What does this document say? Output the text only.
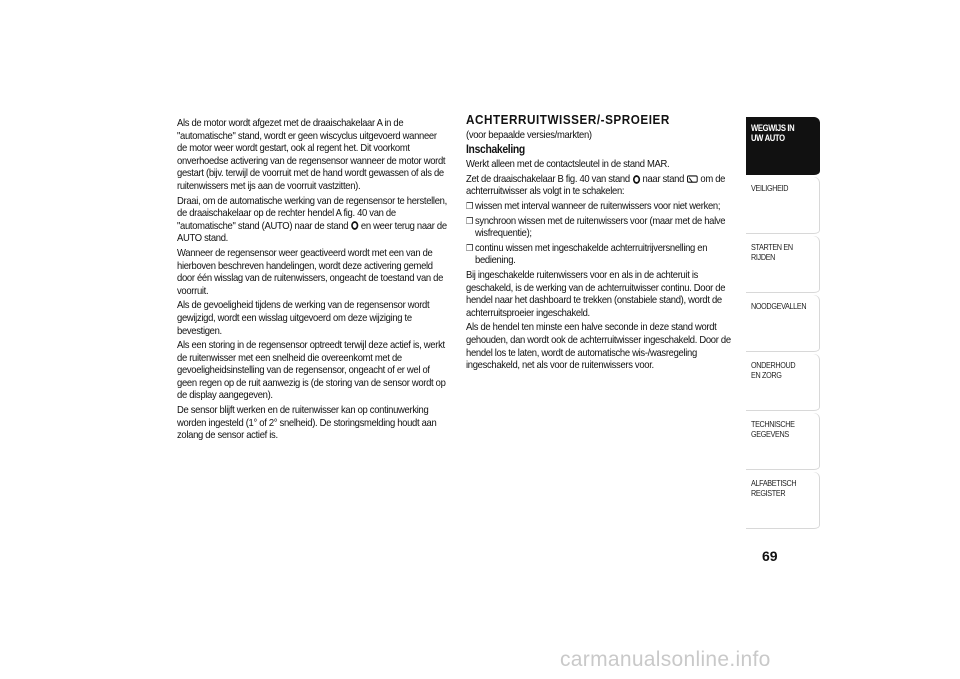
Als de motor wordt afgezet met de draaischakelaar A in de "automatische" stand, wordt er geen wiscyclus uitgevoerd wanneer de motor weer wordt gestart, ook al regent het. Dit voorkomt onverhoedse activering van de regensensor wanneer de motor wordt gestart (bijv. terwijl de voorruit met de hand wordt gewassen of als de ruitenwissers met ijs aan de voorruit vastzitten).

Draai, om de automatische werking van de regensensor te herstellen, de draaischakelaar op de rechter hendel A fig. 40 van de "automatische" stand (AUTO) naar de stand en weer terug naar de AUTO stand.

Wanneer de regensensor weer geactiveerd wordt met een van de hierboven beschreven handelingen, wordt deze activering gemeld door één wisslag van de ruitenwissers, ongeacht de toestand van de voorruit.

Als de gevoeligheid tijdens de werking van de regensensor wordt gewijzigd, wordt een wisslag uitgevoerd om deze wijziging te bevestigen.

Als een storing in de regensensor optreedt terwijl deze actief is, werkt de ruitenwisser met een snelheid die overeenkomt met de gevoeligheidsinstelling van de regensensor, ongeacht of er wel of geen regen op de ruit aanwezig is (de storing van de sensor wordt op de display aangegeven).

De sensor blijft werken en de ruitenwisser kan op continuwerking worden ingesteld (1° of 2° snelheid). De storingsmelding houdt aan zolang de sensor actief is.

ACHTERRUITWISSER/-SPROEIER

(voor bepaalde versies/markten)

Inschakeling

Werkt alleen met de contactsleutel in de stand MAR.

Zet de draaischakelaar B fig. 40 van stand naar stand om de achterruitwisser als volgt in te schakelen:

❒ wissen met interval wanneer de ruitenwissers voor niet werken;
❒ synchroon wissen met de ruitenwissers voor (maar met de halve wisfrequentie);
❒ continu wissen met ingeschakelde achterruitrijversnelling en bediening.

Bij ingeschakelde ruitenwissers voor en als in de achteruit is geschakeld, is de werking van de achterruitwisser continu. Door de hendel naar het dashboard te trekken (onstabiele stand), wordt de achterruitsproeier ingeschakeld.

Als de hendel ten minste een halve seconde in deze stand wordt gehouden, dan wordt ook de achterruitwisser ingeschakeld. Door de hendel los te laten, wordt de automatische wis-/wasregeling ingeschakeld, net als voor de ruitenwissers voor.

WEGWIJS IN UW AUTO
VEILIGHEID
STARTEN EN RIJDEN
NOODGEVALLEN
ONDERHOUD EN ZORG
TECHNISCHE GEGEVENS
ALFABETISCH REGISTER
69
carmanualsonline.info
